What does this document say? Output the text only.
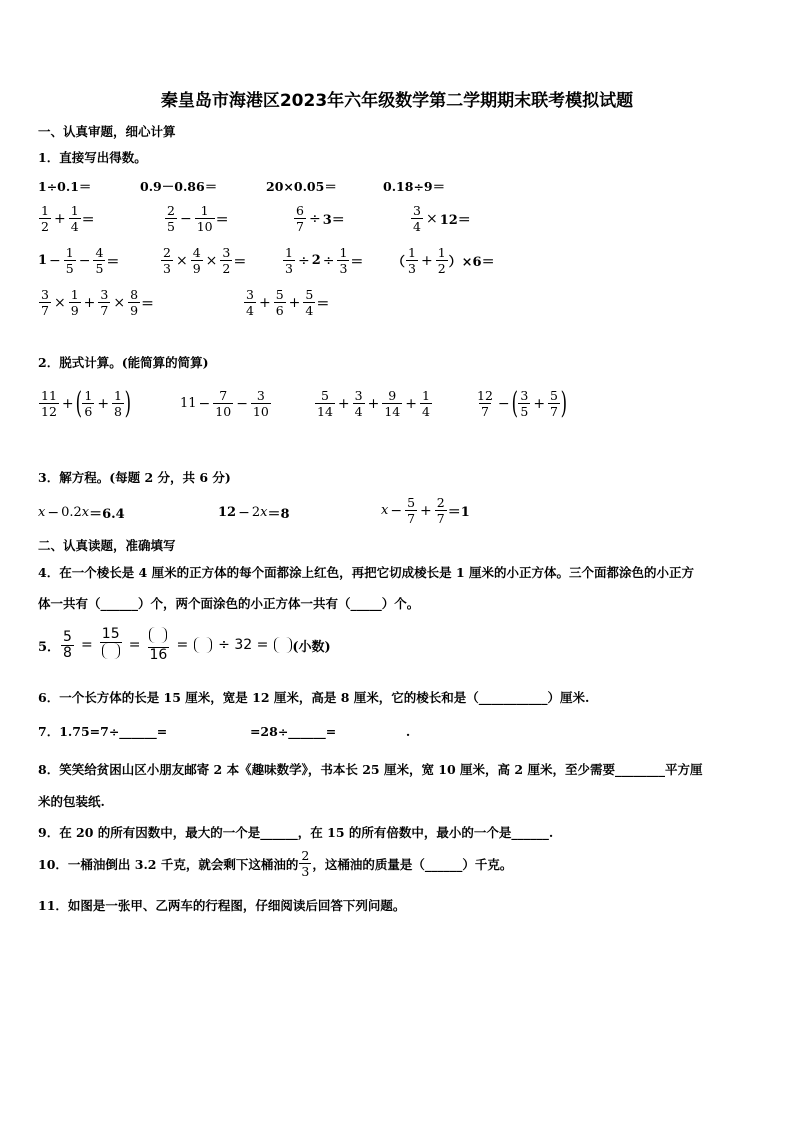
秦皇岛市海港区2023年六年级数学第二学期期末联考模拟试题
一、认真审题，细心计算
1．直接写出得数。
1÷0.1＝	0.9－0.86＝	20×0.05＝	0.18÷9＝
$\frac{1}{2} + \frac{1}{4}$ ＝	$\frac{2}{5} - \frac{1}{10}$ ＝	$\frac{6}{7} \div 3=$	$\frac{3}{4} \times 12=$
$1 - \frac{1}{5} - \frac{4}{5}$ ＝	$\frac{2}{3} \times \frac{4}{9} \times \frac{3}{2}$ ＝	$\frac{1}{3} \div 2 \div \frac{1}{3}$ ＝ （ $\frac{1}{3} + \frac{1}{2} )\times 6=$
$\frac{3}{7} \times \frac{1}{9} + \frac{3}{7} \times \frac{8}{9}$ ＝	$\frac{3}{4} + \frac{5}{6} + \frac{5}{4}$ ＝
2．脱式计算。(能简算的简算)
$\frac{11}{12}$ + ( $\frac{1}{6} + \frac{1}{8}$ )	$11 - \frac{7}{10} - \frac{3}{10}$	$\frac{5}{14} + \frac{3}{4} + \frac{9}{14} + \frac{1}{4}$	$\frac{12}{7}$ − ( $\frac{3}{5} + \frac{5}{7}$ )
3．解方程。(每题 2 分，共 6 分)
x − 0.2 x ＝6.4	12 − 2 x ＝8	$x - \frac{5}{7} + \frac{2}{7} =1$
二、认真读题，准确填写
4．在一个棱长是 4 厘米的正方体的每个面都涂上红色，再把它切成棱长是 1 厘米的小正方体。三个面都涂色的小正方
体一共有（______）个，两个面涂色的小正方体一共有（_____）个。
5． $\frac{5}{8}$ =
15
=
16
= ÷ 32 = (小数)
6．一个长方体的长是 15 厘米，宽是 12 厘米，高是 8 厘米，它的棱长和是（___________）厘米.
7．1.75=7÷______=                   =28÷______=                .
8．笑笑给贫困山区小朋友邮寄 2 本《趣味数学》，书本长 25 厘米，宽 10 厘米，高 2 厘米，至少需要________平方厘
米的包装纸.
9．在 20 的所有因数中，最大的一个是______，在 15 的所有倍数中，最小的一个是______.
10．一桶油倒出 3.2 千克，就会剩下这桶油的 $\frac{2}{3}$ ，这桶油的质量是（______）千克。
11．如图是一张甲、乙两车的行程图，仔细阅读后回答下列问题。
